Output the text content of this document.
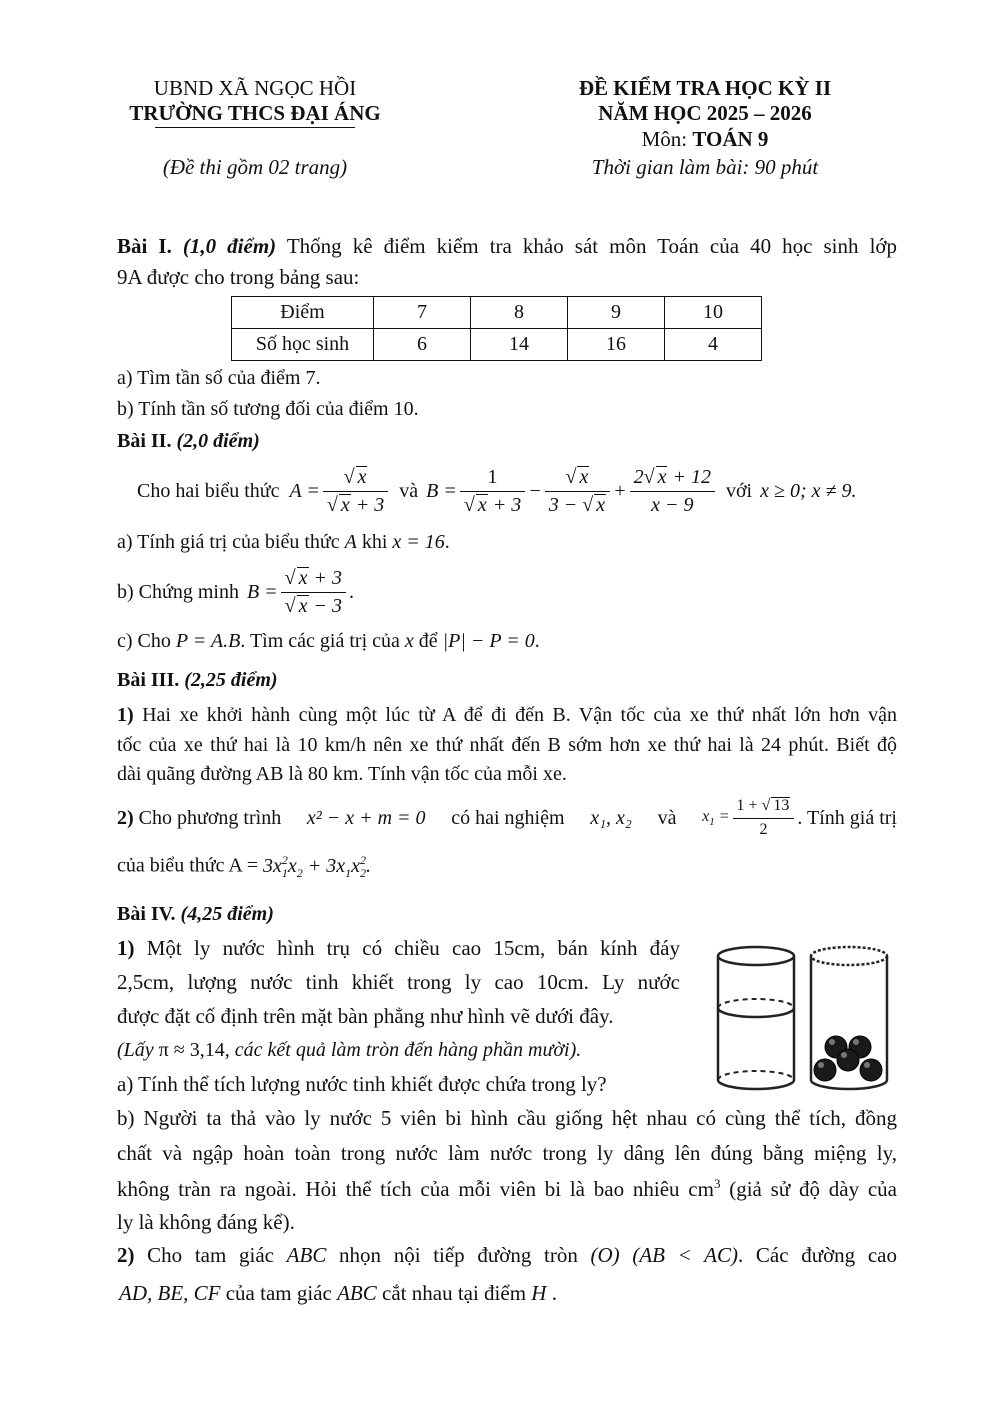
UBND XÃ NGỌC HỒI
TRƯỜNG THCS ĐẠI ÁNG
(Đề thi gồm 02 trang)
ĐỀ KIỂM TRA HỌC KỲ II
NĂM HỌC 2025 – 2026
Môn: TOÁN 9
Thời gian làm bài: 90 phút
Bài I. (1,0 điểm) Thống kê điểm kiểm tra khảo sát môn Toán của 40 học sinh lớp
9A được cho trong bảng sau:
Điểm	7	8	9	10
Số học sinh	6	14	16	4
a) Tìm tần số của điểm 7.
b) Tính tần số tương đối của điểm 10.
Bài II. (2,0 điểm)
Cho hai biểu thức $A = \frac{√ x}{√ x + 3}$ và $B = \frac{1}{√ x + 3} - \frac{√ x}{3 - √ x} + \frac{2√ x + 12}{x - 9}$ với x ≥ 0; x ≠ 9.
a) Tính giá trị của biểu thức A khi x = 16.
b) Chứng minh $B = \frac{√ x + 3}{√ x - 3}$ .
c) Cho P = A.B. Tìm các giá trị của x để |P| − P = 0.
Bài III. (2,25 điểm)
1) Hai xe khởi hành cùng một lúc từ A để đi đến B. Vận tốc của xe thứ nhất lớn hơn vận
tốc của xe thứ hai là 10 km/h nên xe thứ nhất đến B sớm hơn xe thứ hai là 24 phút. Biết độ
dài quãng đường AB là 80 km. Tính vận tốc của mỗi xe.
2) Cho phương trình x² − x + m = 0 có hai nghiệm x₁, x₂ và $x_1 = \frac{1 + √ 13}{2}$ . Tính giá trị
của biểu thức $A = 3x_1^2x_2 + 3x_1x_2^2$.
Bài IV. (4,25 điểm)
1) Một ly nước hình trụ có chiều cao 15cm, bán kính đáy
2,5cm, lượng nước tinh khiết trong ly cao 10cm. Ly nước
được đặt cố định trên mặt bàn phẳng như hình vẽ dưới đây.
(Lấy π ≈ 3,14, các kết quả làm tròn đến hàng phần mười).
a) Tính thể tích lượng nước tinh khiết được chứa trong ly?
b) Người ta thả vào ly nước 5 viên bi hình cầu giống hệt nhau có cùng thể tích, đồng
chất và ngập hoàn toàn trong nước làm nước trong ly dâng lên đúng bằng miệng ly,
không tràn ra ngoài. Hỏi thể tích của mỗi viên bi là bao nhiêu $cm^3$ (giả sử độ dày của
ly là không đáng kể).
2) Cho tam giác ABC nhọn nội tiếp đường tròn (O) (AB < AC). Các đường cao
AD, BE, CF của tam giác ABC cắt nhau tại điểm H .
